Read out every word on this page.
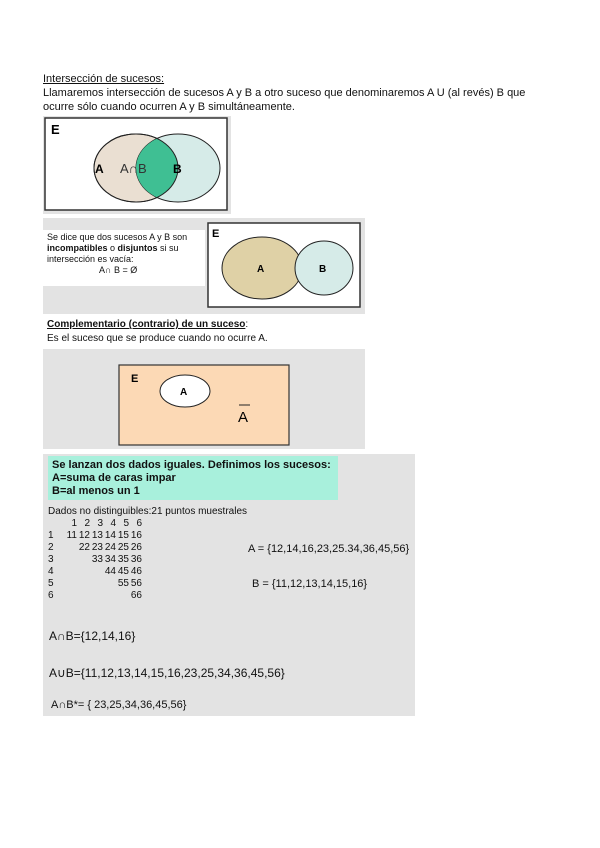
Intersección de sucesos:
Llamaremos intersección de sucesos A y B a otro suceso que denominaremos A U (al revés) B que
ocurre sólo cuando ocurren A y B simultáneamente.
E
A A∩B B
Se dice que dos sucesos A y B son
incompatibles o disjuntos si su
intersección es vacía:
A∩ B = Ø
E
A	B
Complementario (contrario) de un suceso:
Es el suceso que se produce cuando no ocurre A.
E
A
A
Se lanzan dos dados iguales. Definimos los sucesos:
A=suma de caras impar
B=al menos un 1
Dados no distinguibles:21 puntos muestrales
	1	2	3	4	5	6
1	11	12	13	14	15	16
2		22	23	24	25	26
3			33	34	35	36
4				44	45	46
5					55	56
6						66
A = {12,14,16,23,25.34,36,45,56}
B = {11,12,13,14,15,16}
A∩B={12,14,16}
A∪B={11,12,13,14,15,16,23,25,34,36,45,56}
A∩B*= { 23,25,34,36,45,56}
